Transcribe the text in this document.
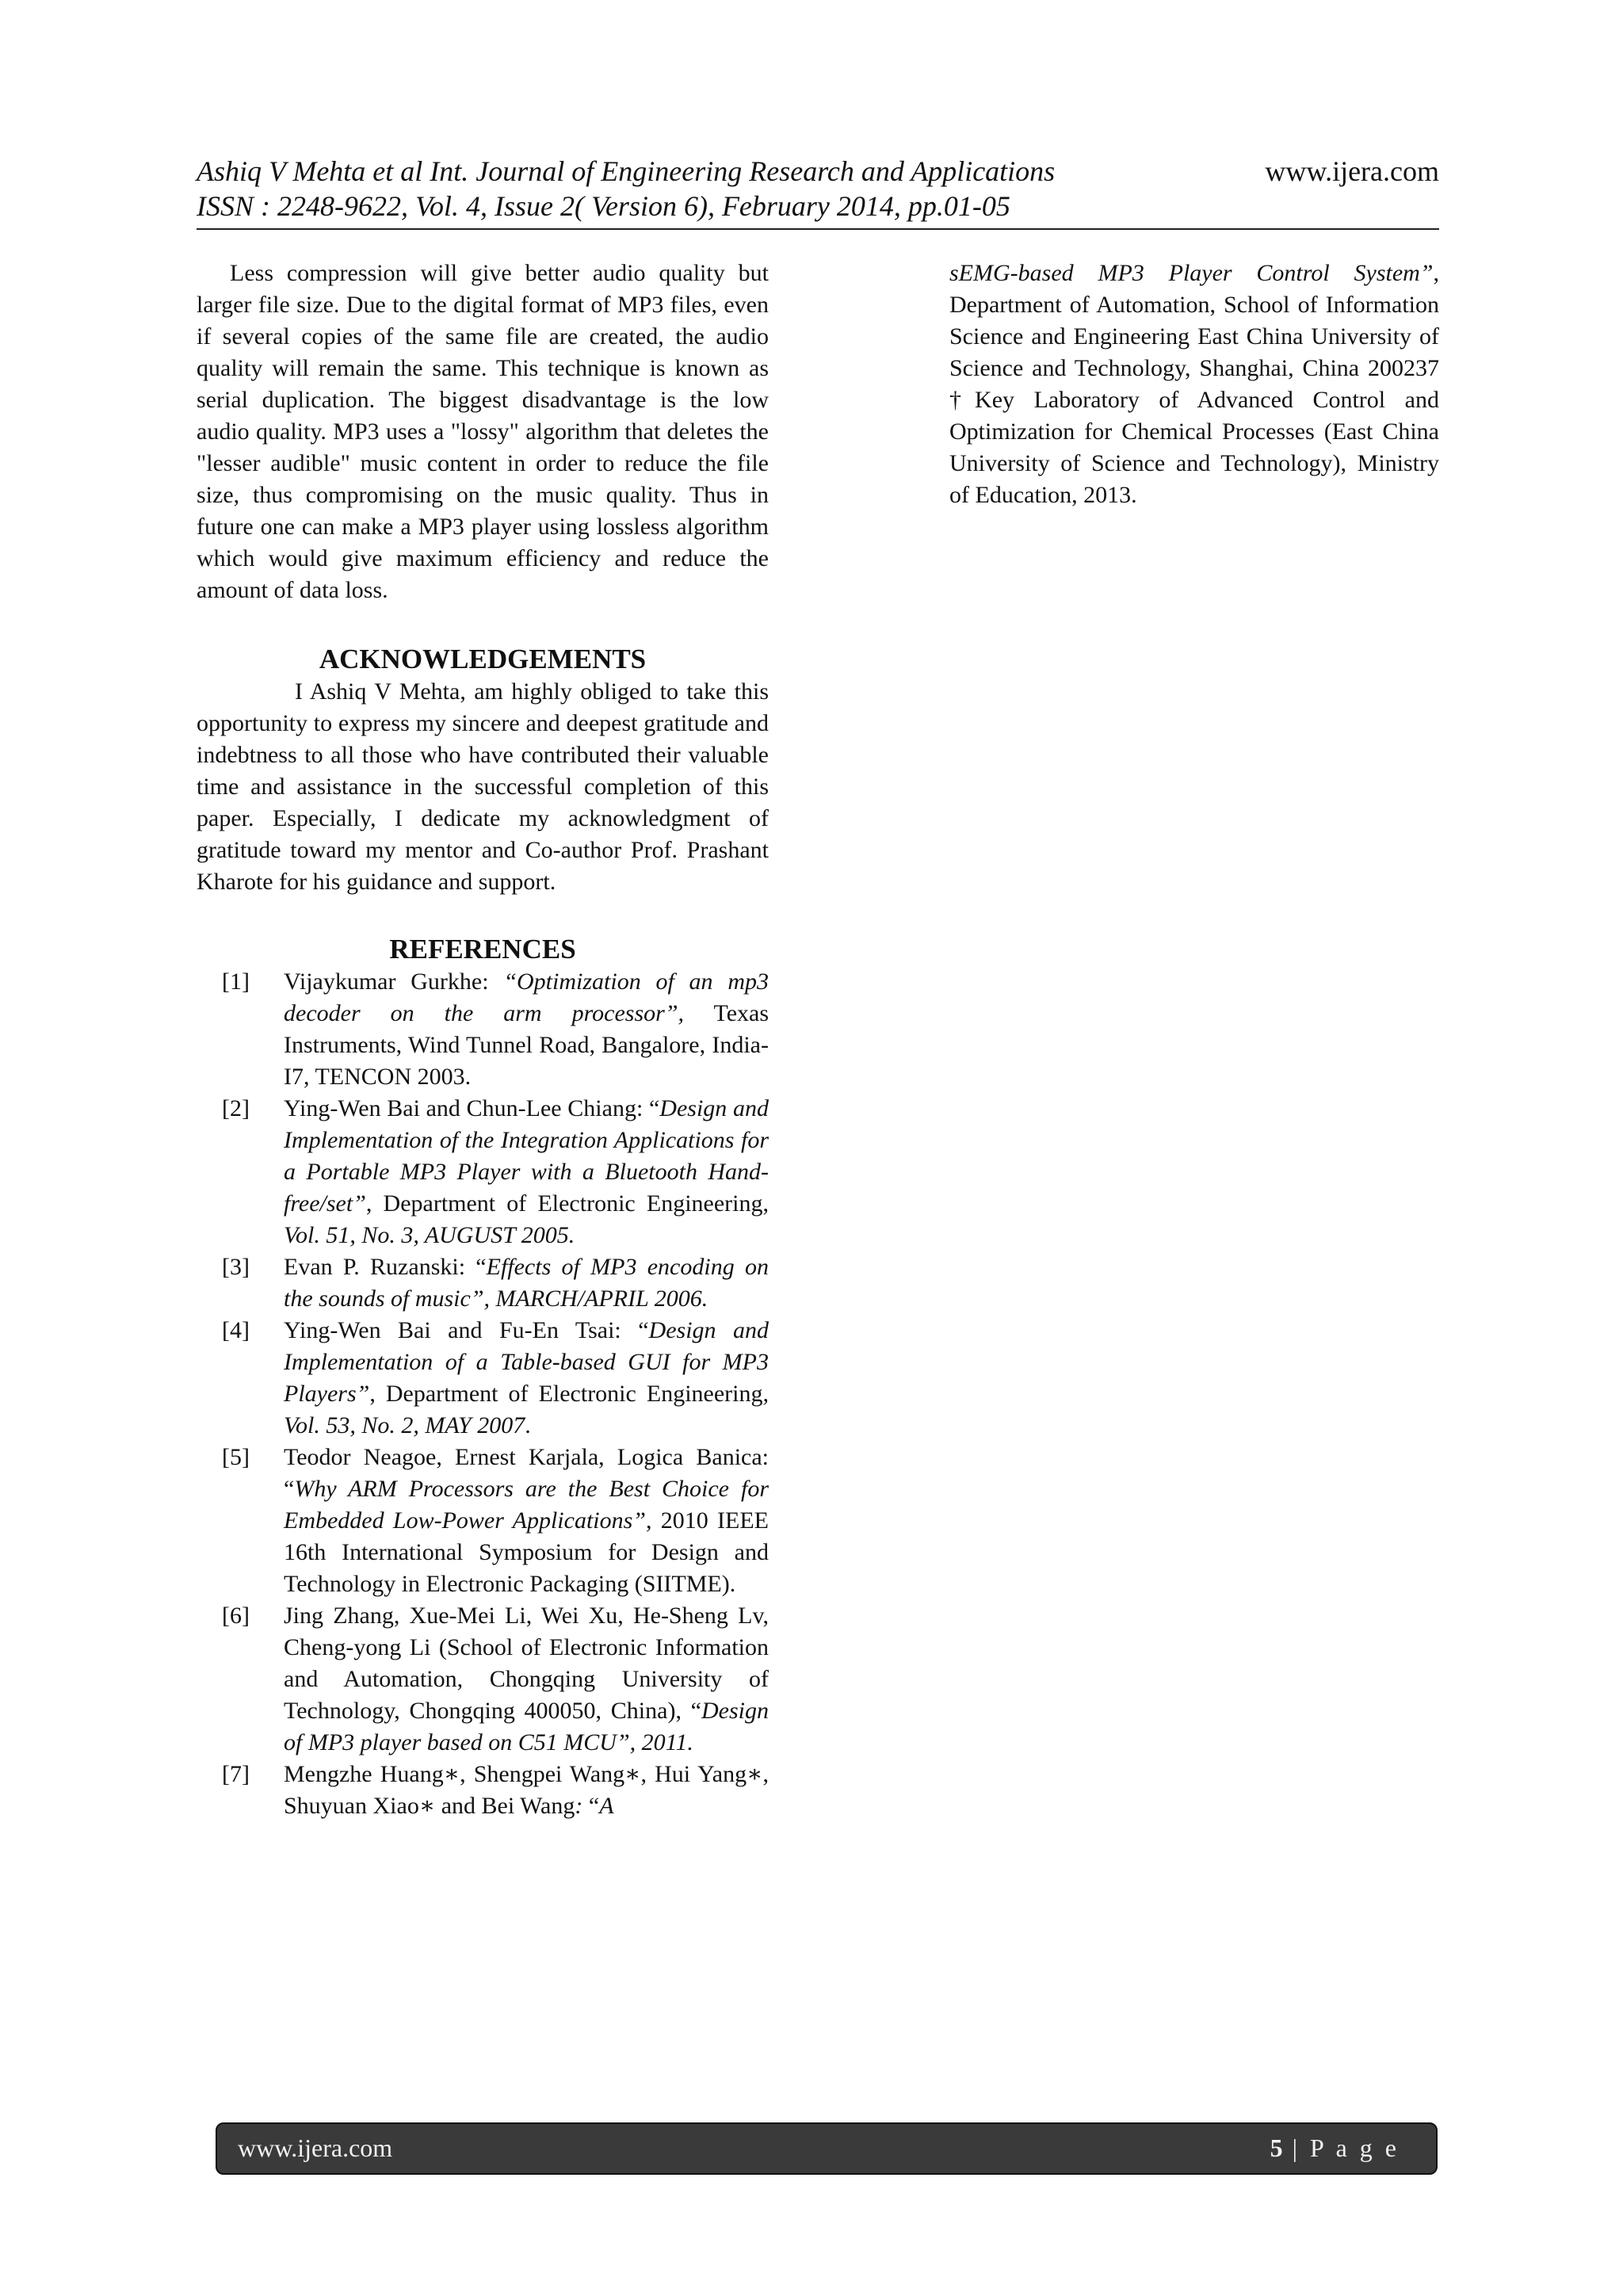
Ashiq V Mehta et al Int. Journal of Engineering Research and Applications
ISSN : 2248-9622, Vol. 4, Issue 2( Version 6), February 2014, pp.01-05
www.ijera.com

Less compression will give better audio quality but larger file size. Due to the digital format of MP3 files, even if several copies of the same file are created, the audio quality will remain the same. This technique is known as serial duplication. The biggest disadvantage is the low audio quality. MP3 uses a "lossy" algorithm that deletes the "lesser audible" music content in order to reduce the file size, thus compromising on the music quality. Thus in future one can make a MP3 player using lossless algorithm which would give maximum efficiency and reduce the amount of data loss.

ACKNOWLEDGEMENTS

I Ashiq V Mehta, am highly obliged to take this opportunity to express my sincere and deepest gratitude and indebtness to all those who have contributed their valuable time and assistance in the successful completion of this paper. Especially, I dedicate my acknowledgment of gratitude toward my mentor and Co-author Prof. Prashant Kharote for his guidance and support.

REFERENCES
[1] Vijaykumar Gurkhe: “Optimization of an mp3 decoder on the arm processor”, Texas Instruments, Wind Tunnel Road, Bangalore, India-I7, TENCON 2003.
[2] Ying-Wen Bai and Chun-Lee Chiang: “Design and Implementation of the Integration Applications for a Portable MP3 Player with a Bluetooth Hand-free/set”, Department of Electronic Engineering, Vol. 51, No. 3, AUGUST 2005.
[3] Evan P. Ruzanski: “Effects of MP3 encoding on the sounds of music”, MARCH/APRIL 2006.
[4] Ying-Wen Bai and Fu-En Tsai: “Design and Implementation of a Table-based GUI for MP3 Players”, Department of Electronic Engineering, Vol. 53, No. 2, MAY 2007.
[5] Teodor Neagoe, Ernest Karjala, Logica Banica: “Why ARM Processors are the Best Choice for Embedded Low-Power Applications”, 2010 IEEE 16th International Symposium for Design and Technology in Electronic Packaging (SIITME).
[6] Jing Zhang, Xue-Mei Li, Wei Xu, He-Sheng Lv, Cheng-yong Li (School of Electronic Information and Automation, Chongqing University of Technology, Chongqing 400050, China), “Design of MP3 player based on C51 MCU”, 2011.
[7] Mengzhe Huang∗, Shengpei Wang∗, Hui Yang∗, Shuyuan Xiao∗ and Bei Wang: “A

sEMG-based MP3 Player Control System”, Department of Automation, School of Information Science and Engineering East China University of Science and Technology, Shanghai, China 200237 †Key Laboratory of Advanced Control and Optimization for Chemical Processes (East China University of Science and Technology), Ministry of Education, 2013.

www.ijera.com	5 | P a g e
